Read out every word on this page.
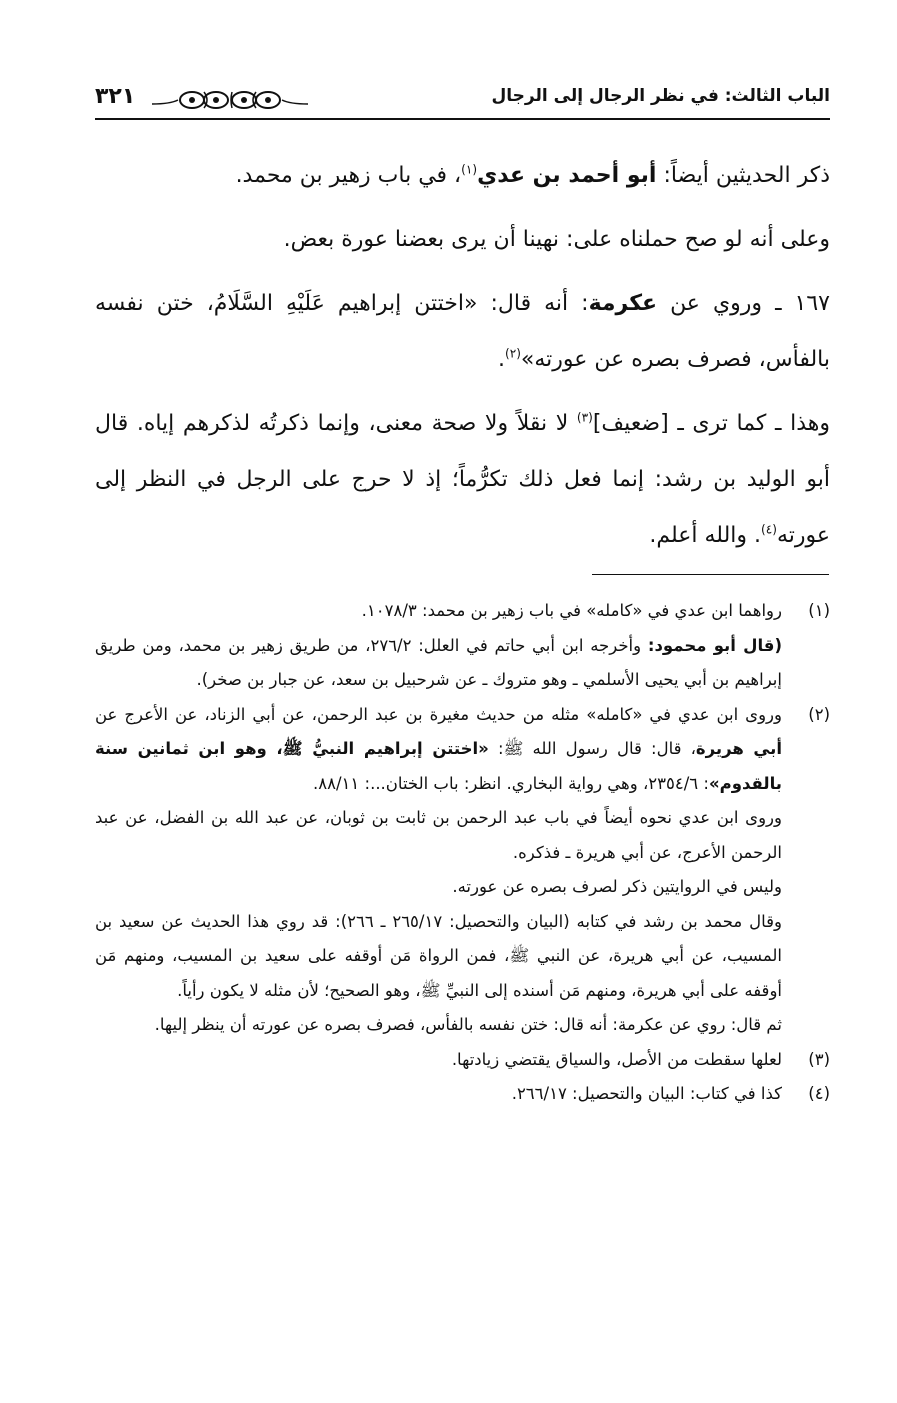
الباب الثالث: في نظر الرجال إلى الرجال
٣٢١

ذكر الحديثين أيضاً: أبو أحمد بن عدي$^{(١)}$، في باب زهير بن محمد.

وعلى أنه لو صح حملناه على: نهينا أن يرى بعضنا عورة بعض.

١٦٧ ـ وروي عن عكرمة: أنه قال: «اختتن إبراهيم عَلَيْهِ السَّلَامُ، ختن نفسه بالفأس، فصرف بصره عن عورته»$^{(٢)}$.

وهذا ـ كما ترى ـ [ضعيف]$^{(٣)}$ لا نقلاً ولا صحة معنى، وإنما ذكرتُه لذكرهم إياه. قال أبو الوليد بن رشد: إنما فعل ذلك تكرُّماً؛ إذ لا حرج على الرجل في النظر إلى عورته$^{(٤)}$. والله أعلم.

(١)

رواهما ابن عدي في «كامله» في باب زهير بن محمد: ١٠٧٨/٣.

(قال أبو محمود: وأخرجه ابن أبي حاتم في العلل: ٢٧٦/٢، من طريق زهير بن محمد، ومن طريق إبراهيم بن أبي يحيى الأسلمي ـ وهو متروك ـ عن شرحبيل بن سعد، عن جبار بن صخر).

(٢)

وروى ابن عدي في «كامله» مثله من حديث مغيرة بن عبد الرحمن، عن أبي الزناد، عن الأعرج عن أبي هريرة، قال: قال رسول الله ﷺ: «اختتن إبراهيم النبيُّ ﷺ، وهو ابن ثمانين سنة بالقدوم»: ٢٣٥٤/٦، وهي رواية البخاري. انظر: باب الختان...: ٨٨/١١.

وروى ابن عدي نحوه أيضاً في باب عبد الرحمن بن ثابت بن ثوبان، عن عبد الله بن الفضل، عن عبد الرحمن الأعرج، عن أبي هريرة ـ فذكره.

وليس في الروايتين ذكر لصرف بصره عن عورته.

وقال محمد بن رشد في كتابه (البيان والتحصيل: ٢٦٥/١٧ ـ ٢٦٦): قد روي هذا الحديث عن سعيد بن المسيب، عن أبي هريرة، عن النبي ﷺ، فمن الرواة مَن أوقفه على سعيد بن المسيب، ومنهم مَن أوقفه على أبي هريرة، ومنهم مَن أسنده إلى النبيِّ ﷺ، وهو الصحيح؛ لأن مثله لا يكون رأياً.

ثم قال: روي عن عكرمة: أنه قال: ختن نفسه بالفأس، فصرف بصره عن عورته أن ينظر إليها.

(٣)

لعلها سقطت من الأصل، والسياق يقتضي زيادتها.

(٤)

كذا في كتاب: البيان والتحصيل: ٢٦٦/١٧.
